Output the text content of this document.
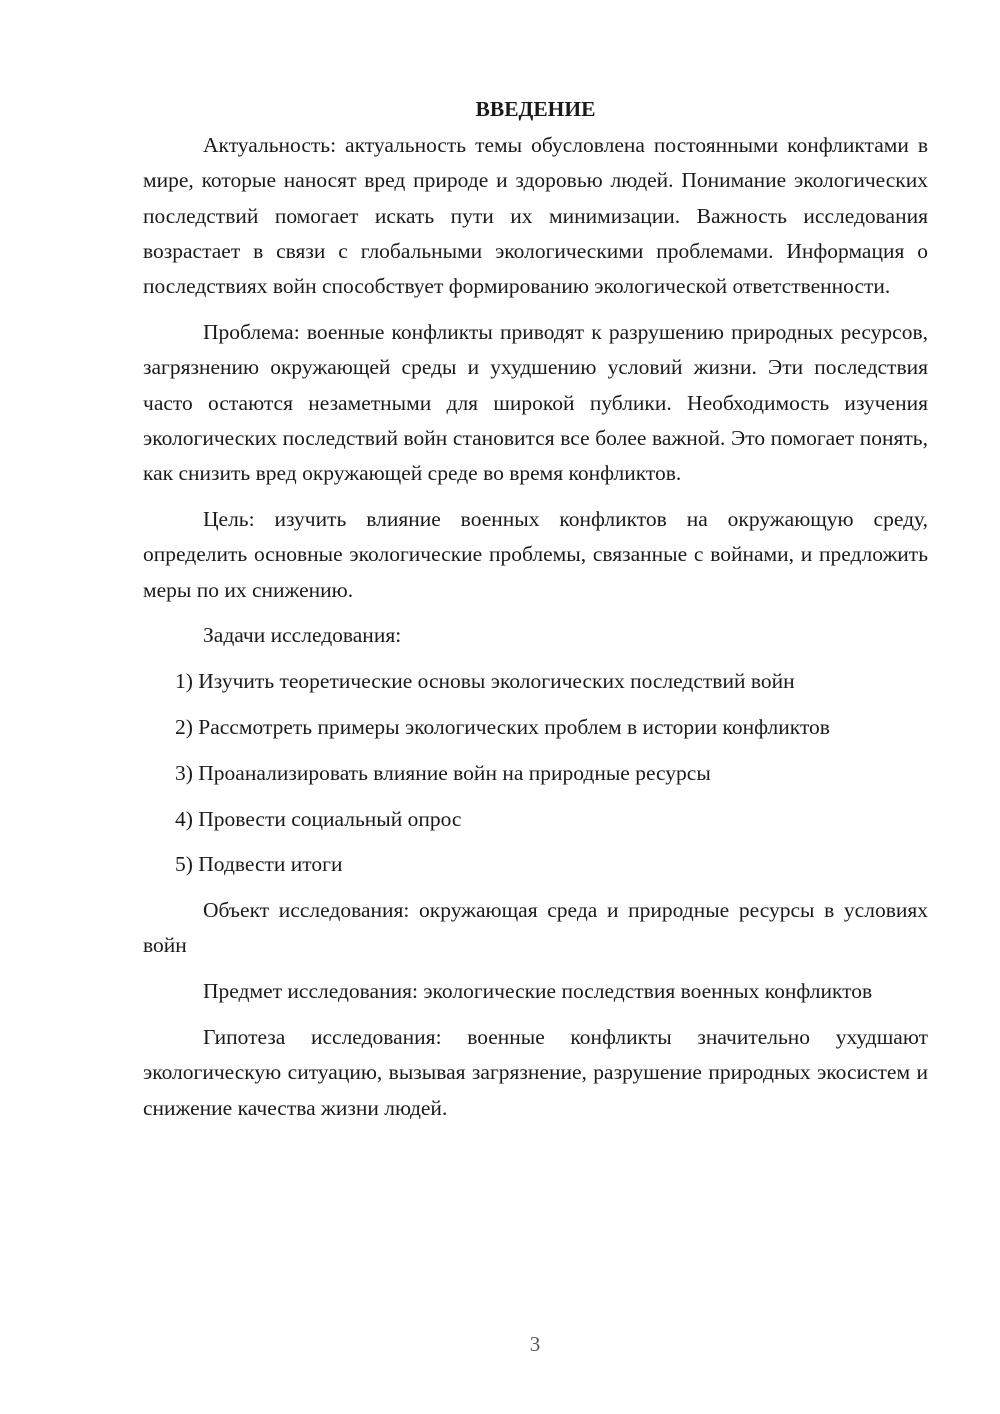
ВВЕДЕНИЕ

Актуальность: актуальность темы обусловлена постоянными конфликтами в мире, которые наносят вред природе и здоровью людей. Понимание экологических последствий помогает искать пути их минимизации. Важность исследования возрастает в связи с глобальными экологическими проблемами. Информация о последствиях войн способствует формированию экологической ответственности.

Проблема: военные конфликты приводят к разрушению природных ресурсов, загрязнению окружающей среды и ухудшению условий жизни. Эти последствия часто остаются незаметными для широкой публики. Необходимость изучения экологических последствий войн становится все более важной. Это помогает понять, как снизить вред окружающей среде во время конфликтов.

Цель: изучить влияние военных конфликтов на окружающую среду, определить основные экологические проблемы, связанные с войнами, и предложить меры по их снижению.

Задачи исследования:

1) Изучить теоретические основы экологических последствий войн

2) Рассмотреть примеры экологических проблем в истории конфликтов

3) Проанализировать влияние войн на природные ресурсы

4) Провести социальный опрос

5) Подвести итоги

Объект исследования: окружающая среда и природные ресурсы в условиях войн

Предмет исследования: экологические последствия военных конфликтов

Гипотеза исследования: военные конфликты значительно ухудшают экологическую ситуацию, вызывая загрязнение, разрушение природных экосистем и снижение качества жизни людей.

3
